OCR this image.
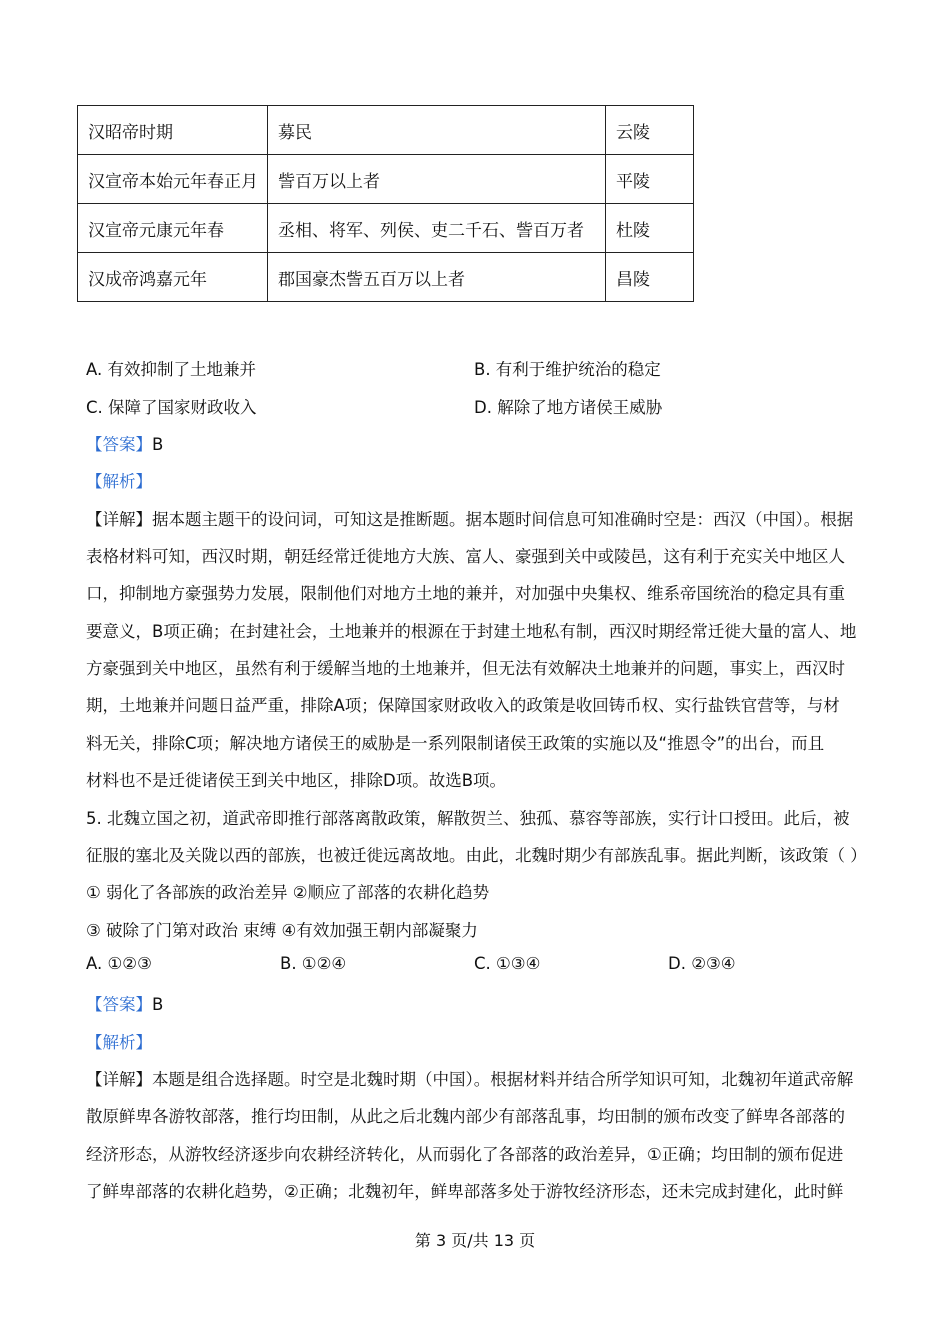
汉昭帝时期	募民	云陵
汉宣帝本始元年春正月	訾百万以上者	平陵
汉宣帝元康元年春	丞相、将军、列侯、吏二千石、訾百万者	杜陵
汉成帝鸿嘉元年	郡国豪杰訾五百万以上者	昌陵
A. 有效抑制了土地兼并	B. 有利于维护统治的稳定
C. 保障了国家财政收入	D. 解除了地方诸侯王威胁
【答案】B
【解析】
【详解】据本题主题干的设问词，可知这是推断题。据本题时间信息可知准确时空是：西汉（中国）。根据
表格材料可知，西汉时期，朝廷经常迁徙地方大族、富人、豪强到关中或陵邑，这有利于充实关中地区人
口，抑制地方豪强势力发展，限制他们对地方土地的兼并，对加强中央集权、维系帝国统治的稳定具有重
要意义，B项正确；在封建社会，土地兼并的根源在于封建土地私有制，西汉时期经常迁徙大量的富人、地
方豪强到关中地区，虽然有利于缓解当地的土地兼并，但无法有效解决土地兼并的问题，事实上，西汉时
期，土地兼并问题日益严重，排除A项；保障国家财政收入的政策是收回铸币权、实行盐铁官营等，与材
料无关，排除C项；解决地方诸侯王的威胁是一系列限制诸侯王政策的实施以及“推恩令”的出台，而且
材料也不是迁徙诸侯王到关中地区，排除D项。故选B项。
5. 北魏立国之初，道武帝即推行部落离散政策，解散贺兰、独孤、慕容等部族，实行计口授田。此后，被
征服的塞北及关陇以西的部族，也被迁徙远离故地。由此，北魏时期少有部族乱事。据此判断，该政策（ ）
① 弱化了各部族的政治差异 ②顺应了部落的农耕化趋势
③ 破除了门第对政治 束缚 ④有效加强王朝内部凝聚力
A. ①②③	B. ①②④	C. ①③④	D. ②③④
【答案】B
【解析】
【详解】本题是组合选择题。时空是北魏时期（中国）。根据材料并结合所学知识可知，北魏初年道武帝解
散原鲜卑各游牧部落，推行均田制，从此之后北魏内部少有部落乱事，均田制的颁布改变了鲜卑各部落的
经济形态，从游牧经济逐步向农耕经济转化，从而弱化了各部落的政治差异，①正确；均田制的颁布促进
了鲜卑部落的农耕化趋势，②正确；北魏初年，鲜卑部落多处于游牧经济形态，还未完成封建化，此时鲜
第 3 页/共 13 页
